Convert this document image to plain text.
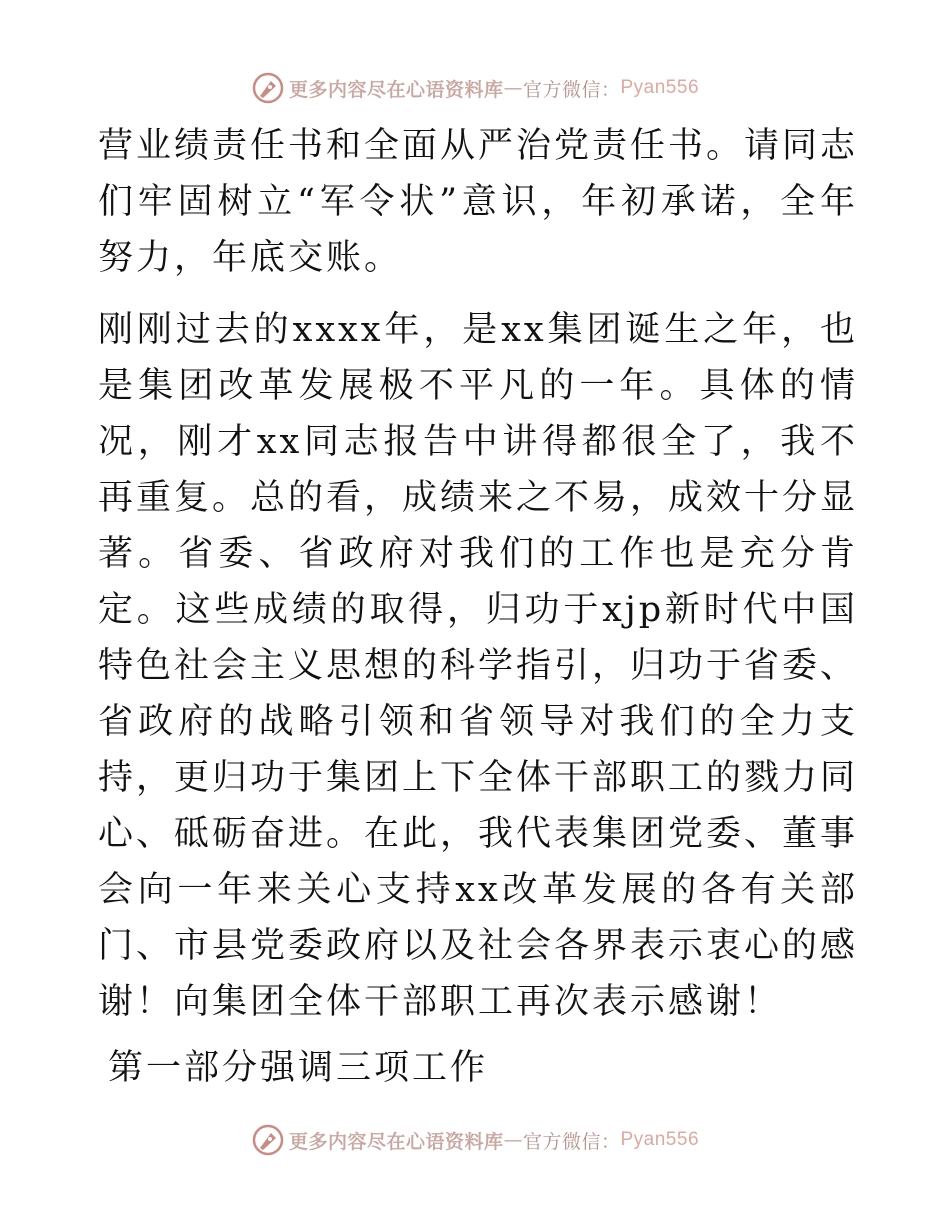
更多内容尽在心语资料库 — 官方微信： Pyan556

营业绩责任书和全面从严治党责任书。请同志们牢固树立“军令状”意识，年初承诺，全年努力，年底交账。

刚刚过去的xxxx年，是xx集团诞生之年，也是集团改革发展极不平凡的一年。具体的情况，刚才xx同志报告中讲得都很全了，我不再重复。总的看，成绩来之不易，成效十分显著。省委、省政府对我们的工作也是充分肯定。这些成绩的取得，归功于xjp新时代中国特色社会主义思想的科学指引，归功于省委、省政府的战略引领和省领导对我们的全力支持，更归功于集团上下全体干部职工的戮力同心、砥砺奋进。在此，我代表集团党委、董事会向一年来关心支持xx改革发展的各有关部门、市县党委政府以及社会各界表示衷心的感谢！向集团全体干部职工再次表示感谢！

第一部分强调三项工作

更多内容尽在心语资料库 — 官方微信： Pyan556
